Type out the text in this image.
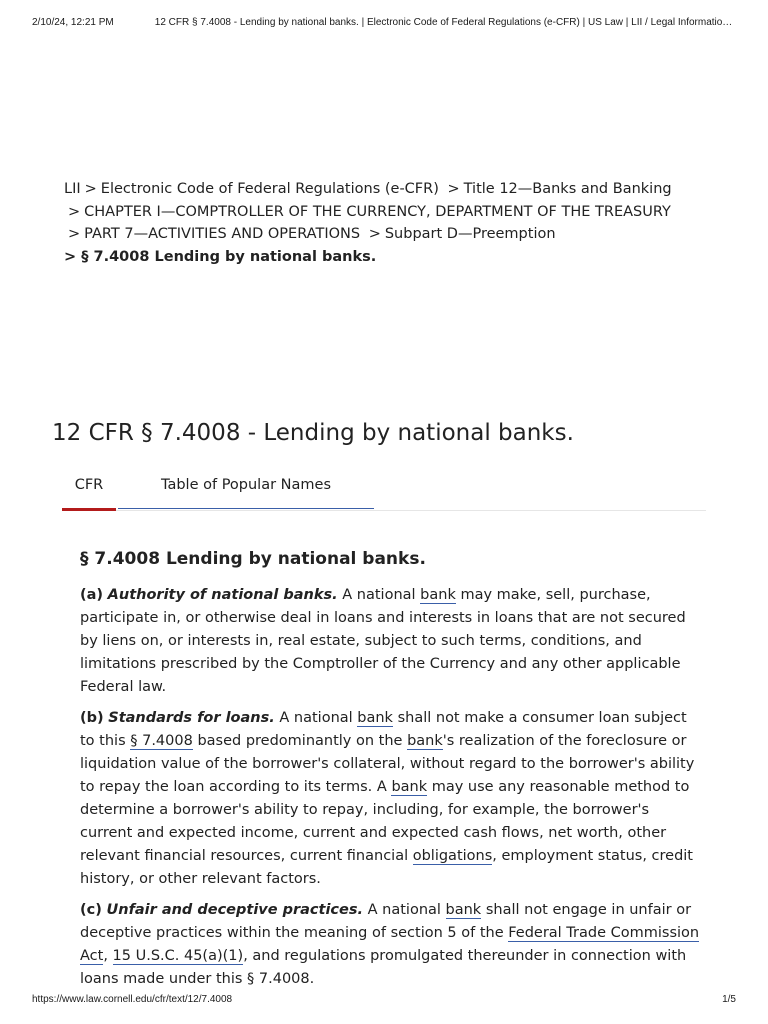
2/10/24, 12:21 PM	12 CFR § 7.4008 - Lending by national banks. | Electronic Code of Federal Regulations (e-CFR) | US Law | LII / Legal Informatio…
LII > Electronic Code of Federal Regulations (e-CFR) > Title 12—Banks and Banking
> CHAPTER I—COMPTROLLER OF THE CURRENCY, DEPARTMENT OF THE TREASURY
> PART 7—ACTIVITIES AND OPERATIONS > Subpart D—Preemption
> § 7.4008 Lending by national banks.
12 CFR § 7.4008 - Lending by national banks.
CFR	Table of Popular Names
§ 7.4008 Lending by national banks.

(a) Authority of national banks. A national bank may make, sell, purchase, participate in, or otherwise deal in loans and interests in loans that are not secured by liens on, or interests in, real estate, subject to such terms, conditions, and limitations prescribed by the Comptroller of the Currency and any other applicable Federal law.

(b) Standards for loans. A national bank shall not make a consumer loan subject to this § 7.4008 based predominantly on the bank's realization of the foreclosure or liquidation value of the borrower's collateral, without regard to the borrower's ability to repay the loan according to its terms. A bank may use any reasonable method to determine a borrower's ability to repay, including, for example, the borrower's current and expected income, current and expected cash flows, net worth, other relevant financial resources, current financial obligations, employment status, credit history, or other relevant factors.

(c) Unfair and deceptive practices. A national bank shall not engage in unfair or deceptive practices within the meaning of section 5 of the Federal Trade Commission Act, 15 U.S.C. 45(a)(1), and regulations promulgated thereunder in connection with loans made under this § 7.4008.

https://www.law.cornell.edu/cfr/text/12/7.4008	1/5
